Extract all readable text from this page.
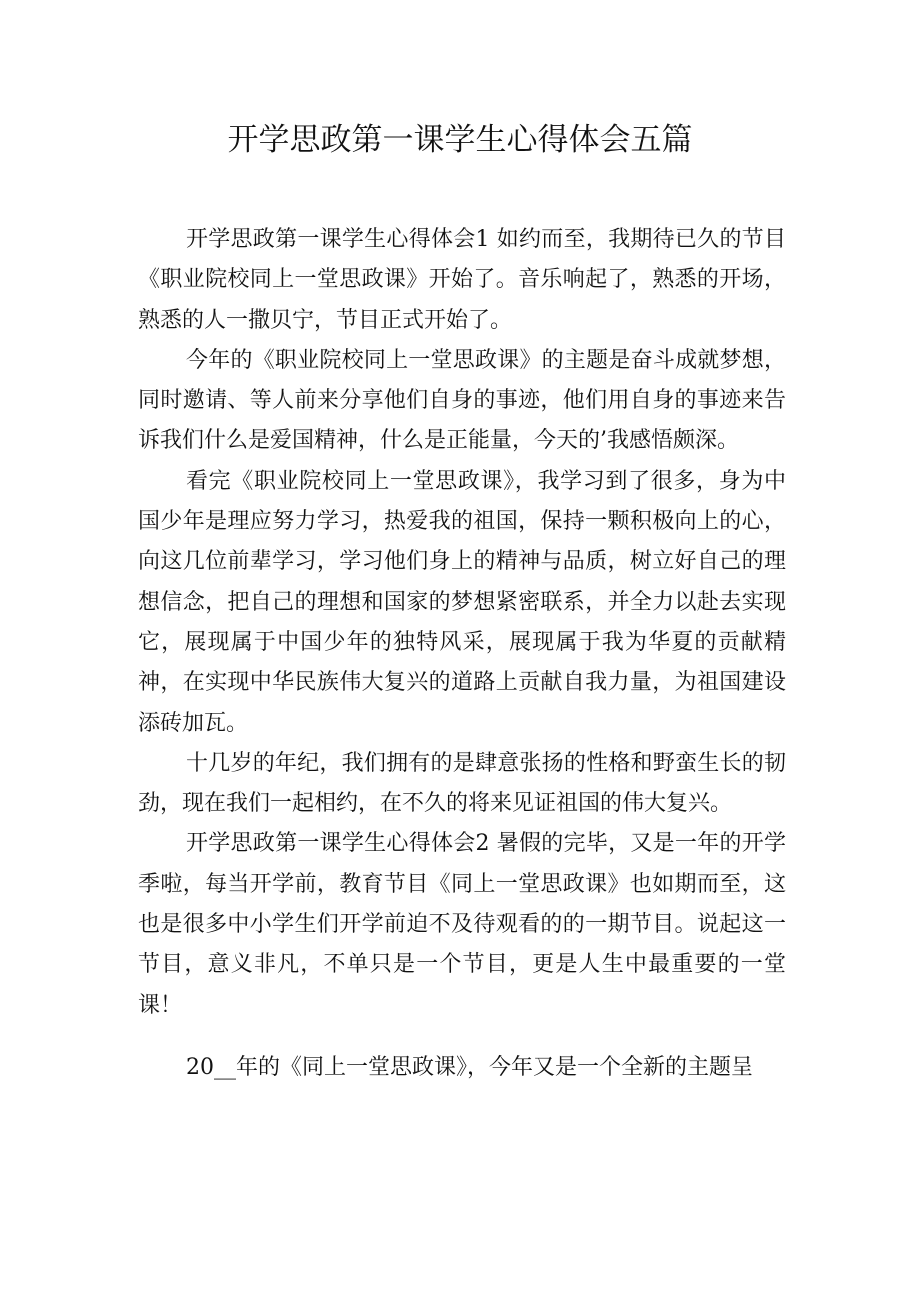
开学思政第一课学生心得体会五篇

开学思政第一课学生心得体会1 如约而至，我期待已久的节目《职业院校同上一堂思政课》开始了。音乐响起了，熟悉的开场，熟悉的人一撒贝宁，节目正式开始了。

今年的《职业院校同上一堂思政课》的主题是奋斗成就梦想，同时邀请、等人前来分享他们自身的事迹，他们用自身的事迹来告诉我们什么是爱国精神，什么是正能量，今天的’我感悟颇深。

看完《职业院校同上一堂思政课》，我学习到了很多，身为中国少年是理应努力学习，热爱我的祖国，保持一颗积极向上的心，向这几位前辈学习，学习他们身上的精神与品质，树立好自己的理想信念，把自己的理想和国家的梦想紧密联系，并全力以赴去实现它，展现属于中国少年的独特风采，展现属于我为华夏的贡献精神，在实现中华民族伟大复兴的道路上贡献自我力量，为祖国建设添砖加瓦。

十几岁的年纪，我们拥有的是肆意张扬的性格和野蛮生长的韧劲，现在我们一起相约，在不久的将来见证祖国的伟大复兴。

开学思政第一课学生心得体会2 暑假的完毕，又是一年的开学季啦，每当开学前，教育节目《同上一堂思政课》也如期而至，这也是很多中小学生们开学前迫不及待观看的的一期节目。说起这一节目，意义非凡，不单只是一个节目，更是人生中最重要的一堂课！

20__年的《同上一堂思政课》，今年又是一个全新的主题呈
